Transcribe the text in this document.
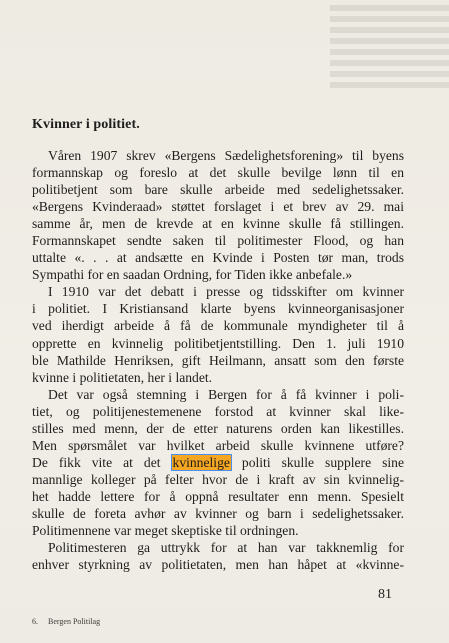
Kvinner i politiet.
Våren 1907 skrev «Bergens Sædelighetsforening» til byens
formannskap og foreslo at det skulle bevilge lønn til en
politibetjent som bare skulle arbeide med sedelighetssaker.
«Bergens Kvinderaad» støttet forslaget i et brev av 29. mai
samme år, men de krevde at en kvinne skulle få stillingen.
Formannskapet sendte saken til politimester Flood, og han
uttalte «. . . at andsætte en Kvinde i Posten tør man, trods
Sympathi for en saadan Ordning, for Tiden ikke anbefale.»
I 1910 var det debatt i presse og tidsskifter om kvinner
i politiet. I Kristiansand klarte byens kvinneorganisasjoner
ved iherdigt arbeide å få de kommunale myndigheter til å
opprette en kvinnelig politibetjentstilling. Den 1. juli 1910
ble Mathilde Henriksen, gift Heilmann, ansatt som den første
kvinne i politietaten, her i landet.
Det var også stemning i Bergen for å få kvinner i poli-
tiet, og politijenestemenene forstod at kvinner skal like-
stilles med menn, der de etter naturens orden kan likestilles.
Men spørsmålet var hvilket arbeid skulle kvinnene utføre?
De fikk vite at det kvinnelige politi skulle supplere sine
mannlige kolleger på felter hvor de i kraft av sin kvinnelig-
het hadde lettere for å oppnå resultater enn menn. Spesielt
skulle de foreta avhør av kvinner og barn i sedelighetssaker.
Politimennene var meget skeptiske til ordningen.
Politimesteren ga uttrykk for at han var takknemlig for
enhver styrkning av politietaten, men han håpet at «kvinne-
81
6. Bergen Politilag
